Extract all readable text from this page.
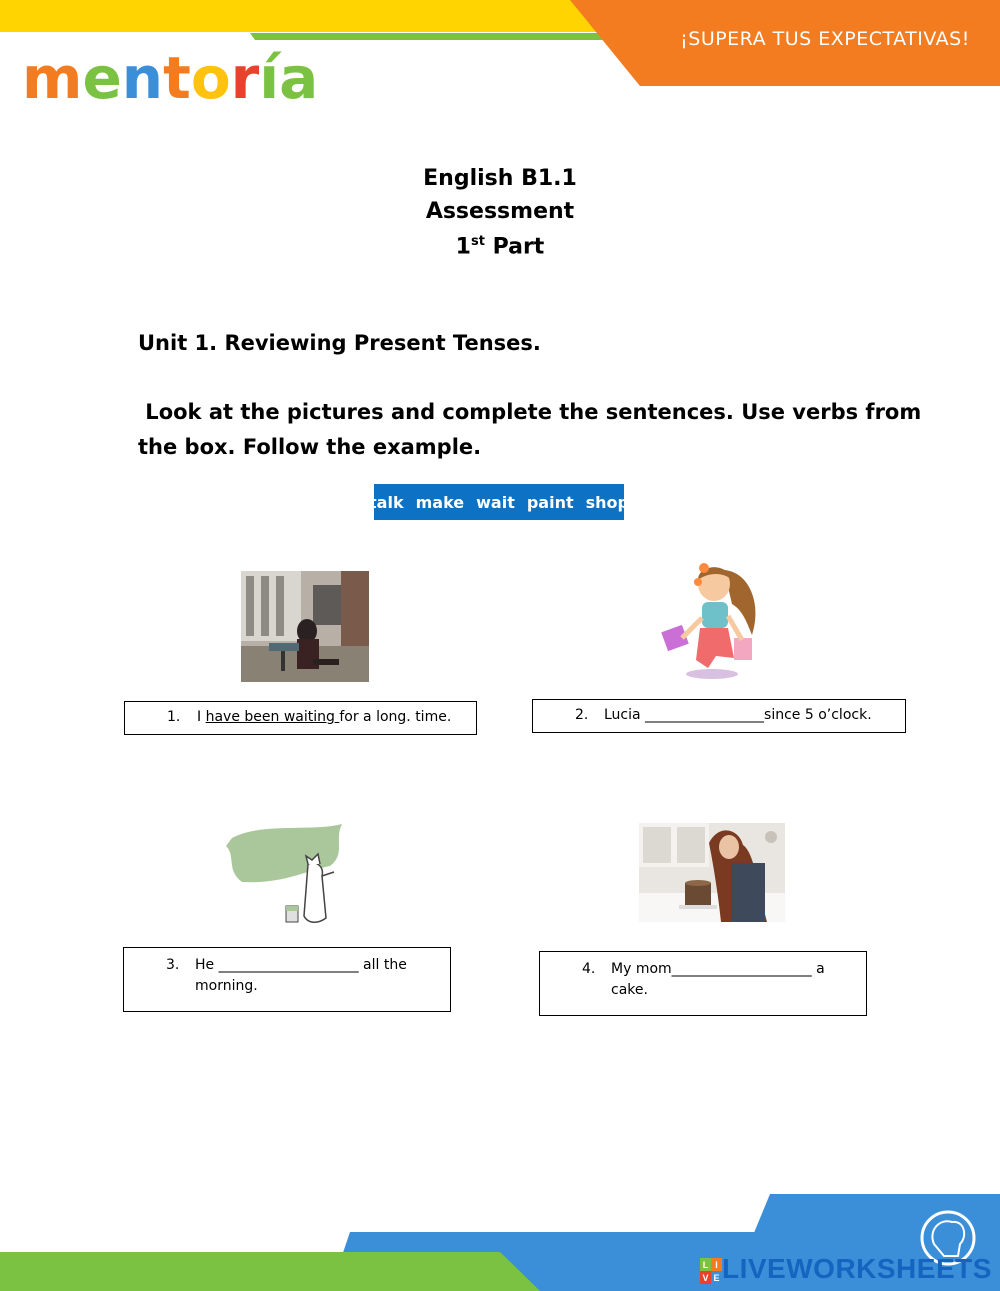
¡SUPERA TUS EXPECTATIVAS!
mentoría
English B1.1
Assessment
1st Part
Unit 1. Reviewing Present Tenses.
Look at the pictures and complete the sentences. Use verbs from
the box. Follow the example.
talk make wait paint shop
1. I have been waiting for a long. time.	2. Lucia _________________since 5 o’clock.
3. He ____________________ all the
morning.
4. My mom____________________ a
cake.
L I
V E LIVEWORKSHEETS
